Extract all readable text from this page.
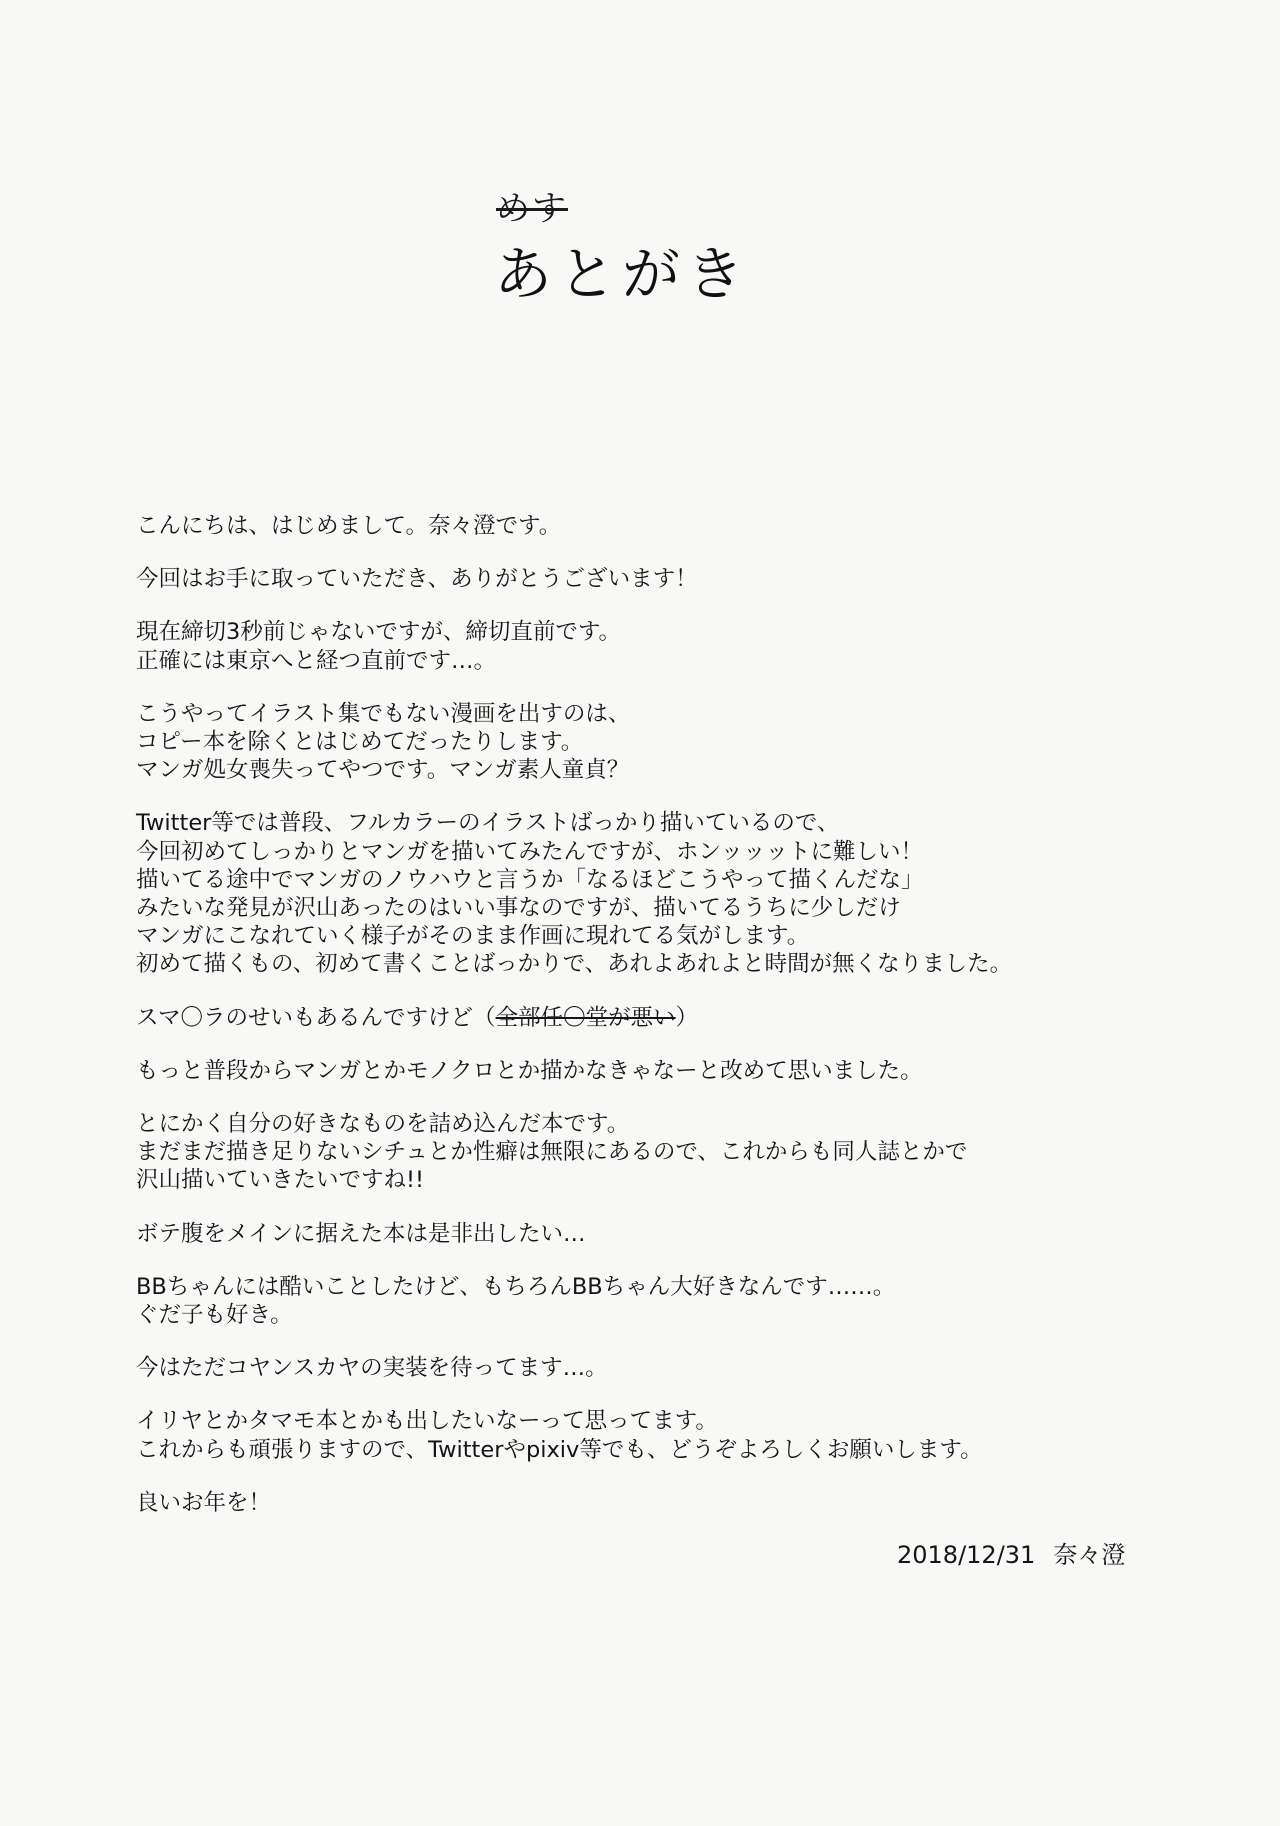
めす
あとがき
こんにちは、はじめまして。奈々澄です。
今回はお手に取っていただき、ありがとうございます！
現在締切3秒前じゃないですが、締切直前です。
正確には東京へと経つ直前です…。
こうやってイラスト集でもない漫画を出すのは、
コピー本を除くとはじめてだったりします。
マンガ処女喪失ってやつです。マンガ素人童貞？
Twitter等では普段、フルカラーのイラストばっかり描いているので、
今回初めてしっかりとマンガを描いてみたんですが、ホンッッットに難しい！
描いてる途中でマンガのノウハウと言うか「なるほどこうやって描くんだな」
みたいな発見が沢山あったのはいい事なのですが、描いてるうちに少しだけ
マンガにこなれていく様子がそのまま作画に現れてる気がします。
初めて描くもの、初めて書くことばっかりで、あれよあれよと時間が無くなりました。
スマ〇ラのせいもあるんですけど（全部任〇堂が悪い）
もっと普段からマンガとかモノクロとか描かなきゃなーと改めて思いました。
とにかく自分の好きなものを詰め込んだ本です。
まだまだ描き足りないシチュとか性癖は無限にあるので、これからも同人誌とかで
沢山描いていきたいですね!!
ボテ腹をメインに据えた本は是非出したい…
BBちゃんには酷いことしたけど、もちろんBBちゃん大好きなんです……。
ぐだ子も好き。
今はただコヤンスカヤの実装を待ってます…。
イリヤとかタマモ本とかも出したいなーって思ってます。
これからも頑張りますので、Twitterやpixiv等でも、どうぞよろしくお願いします。
良いお年を！
2018/12/31 奈々澄
